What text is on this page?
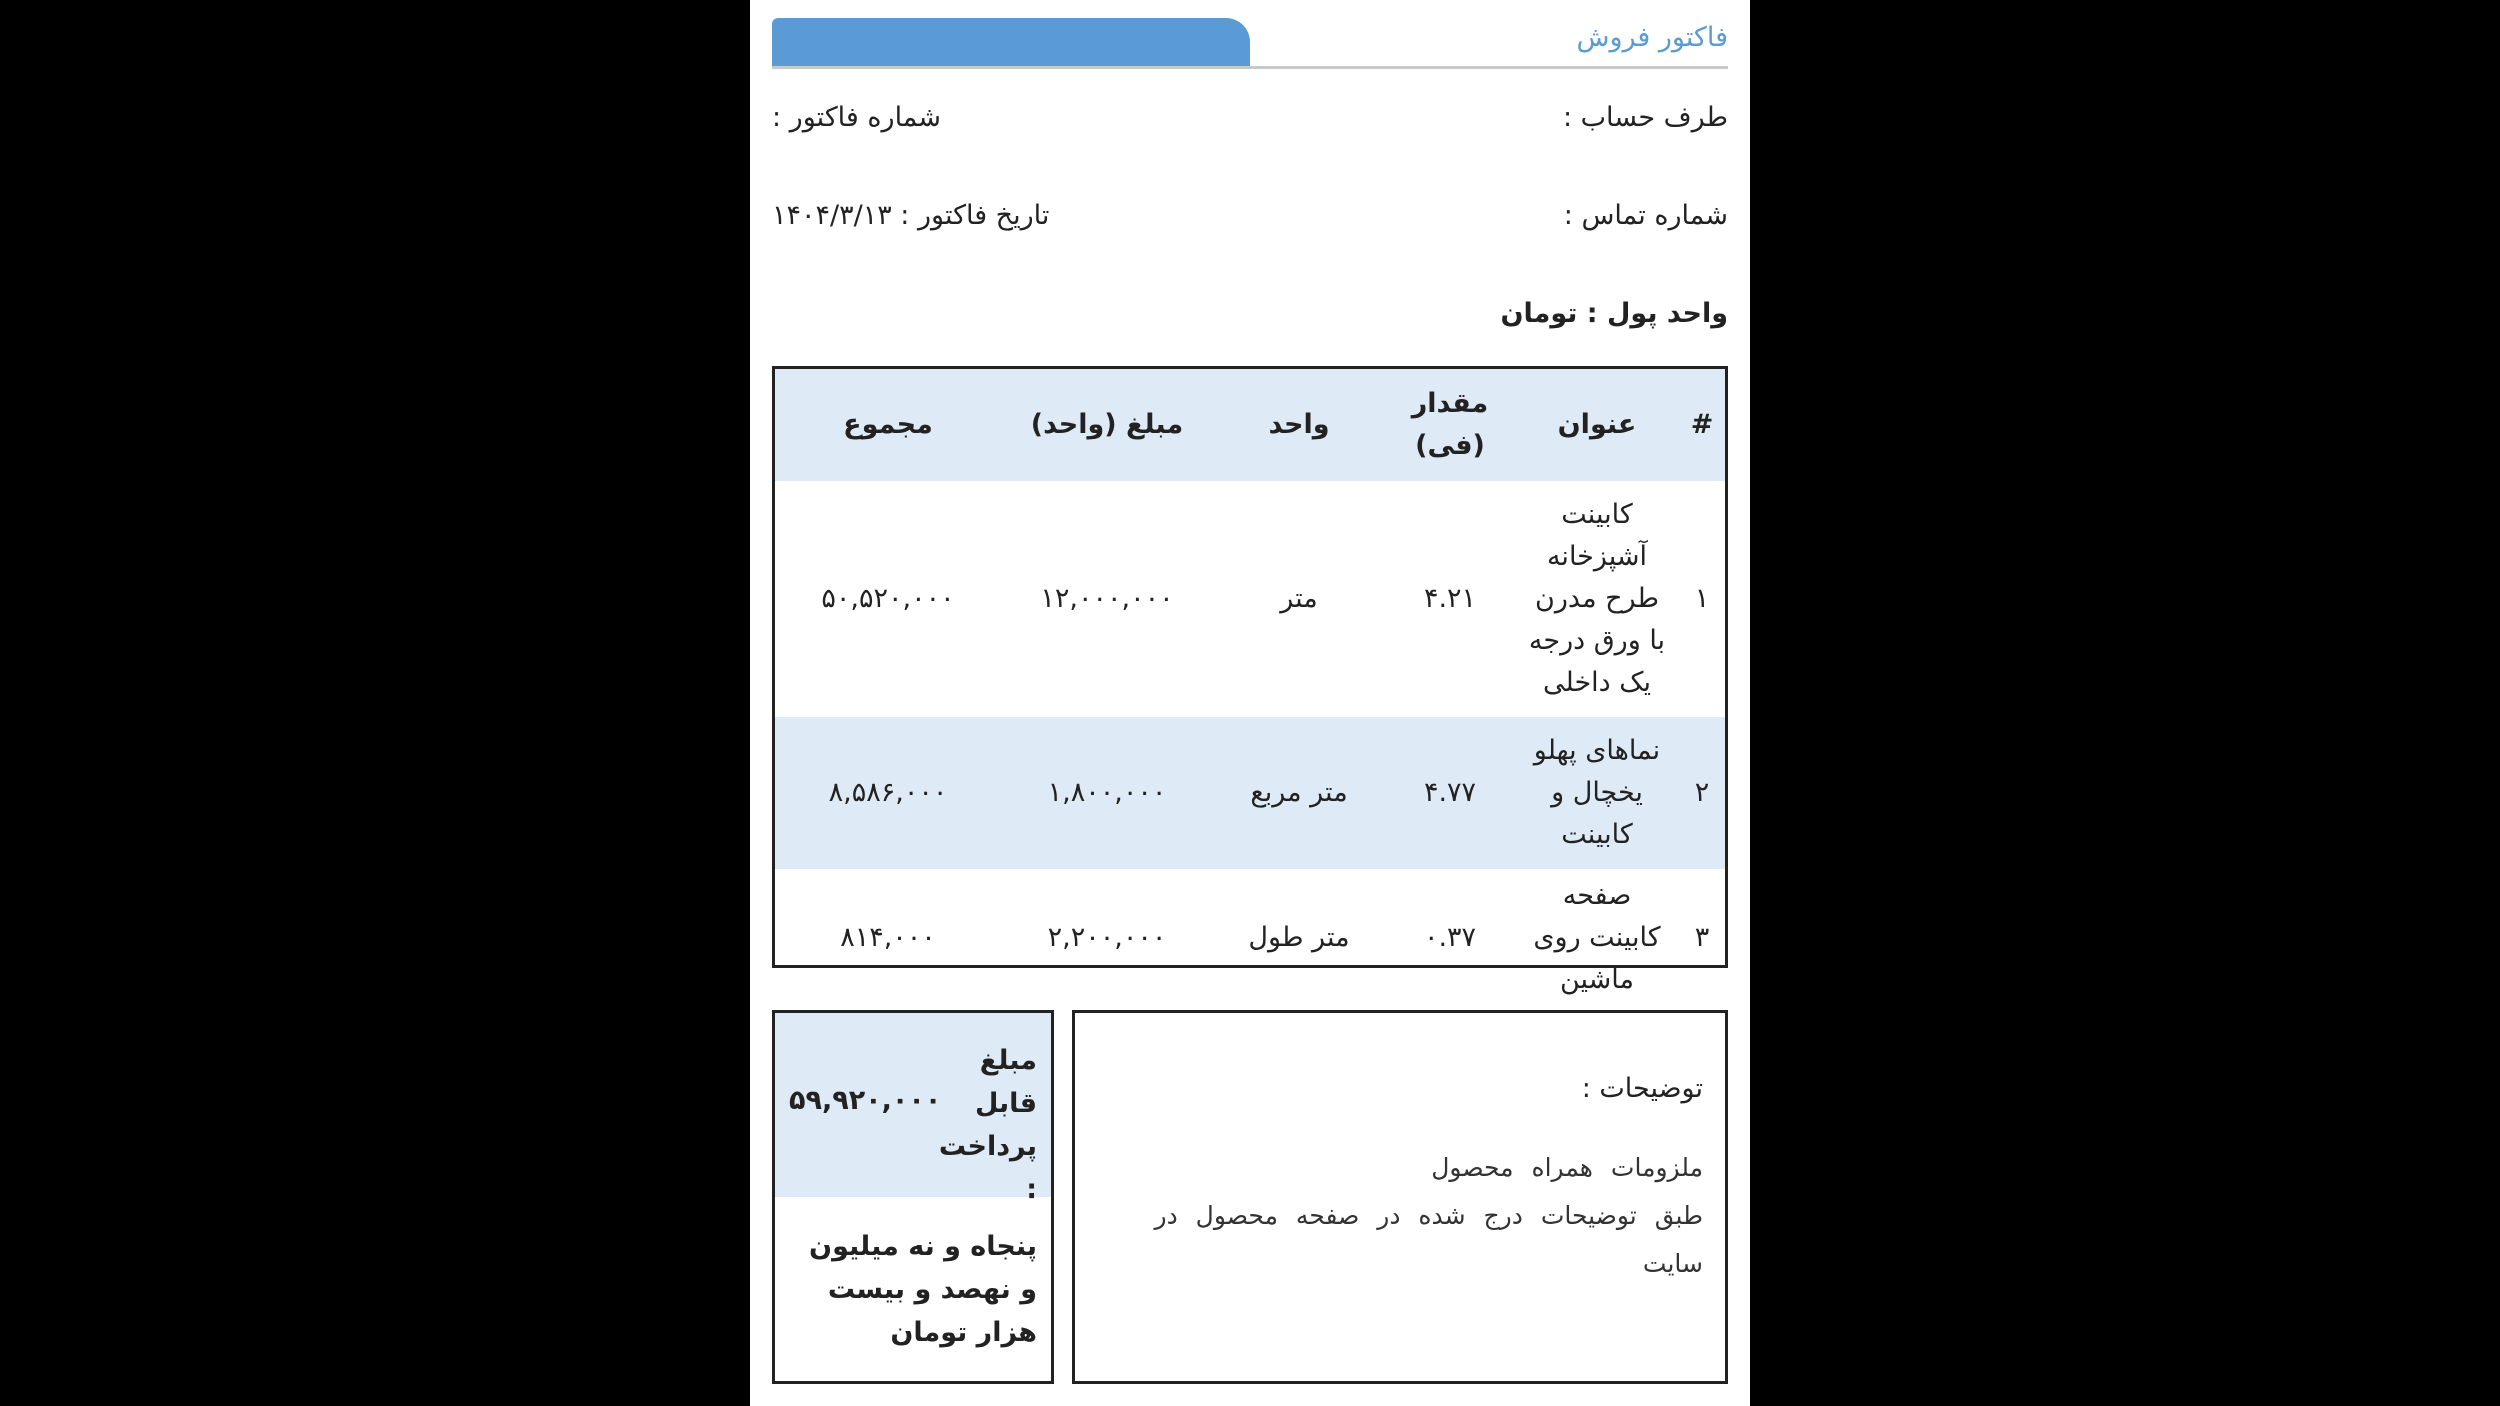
فاکتور فروش
طرف حساب :
شماره فاکتور :
شماره تماس :
تاریخ فاکتور : ۱۴۰۴/۳/۱۳
واحد پول : تومان
#	عنوان	مقدار (فی)	واحد	مبلغ (واحد)	مجموع
۱	کابینت آشپزخانه طرح مدرن با ورق درجه یک داخلی	۴.۲۱	متر	۱۲,۰۰۰,۰۰۰	۵۰,۵۲۰,۰۰۰
۲	نماهای پهلو یخچال و کابینت	۴.۷۷	متر مربع	۱,۸۰۰,۰۰۰	۸,۵۸۶,۰۰۰
۳	صفحه کابینت روی ماشین	۰.۳۷	متر طول	۲,۲۰۰,۰۰۰	۸۱۴,۰۰۰
توضیحات :
ملزومات همراه محصول
طبق توضیحات درج شده در صفحه محصول در سایت
مبلغ قابل پرداخت :
۵۹,۹۲۰,۰۰۰
پنجاه و نه میلیون و نهصد و بیست هزار تومان
